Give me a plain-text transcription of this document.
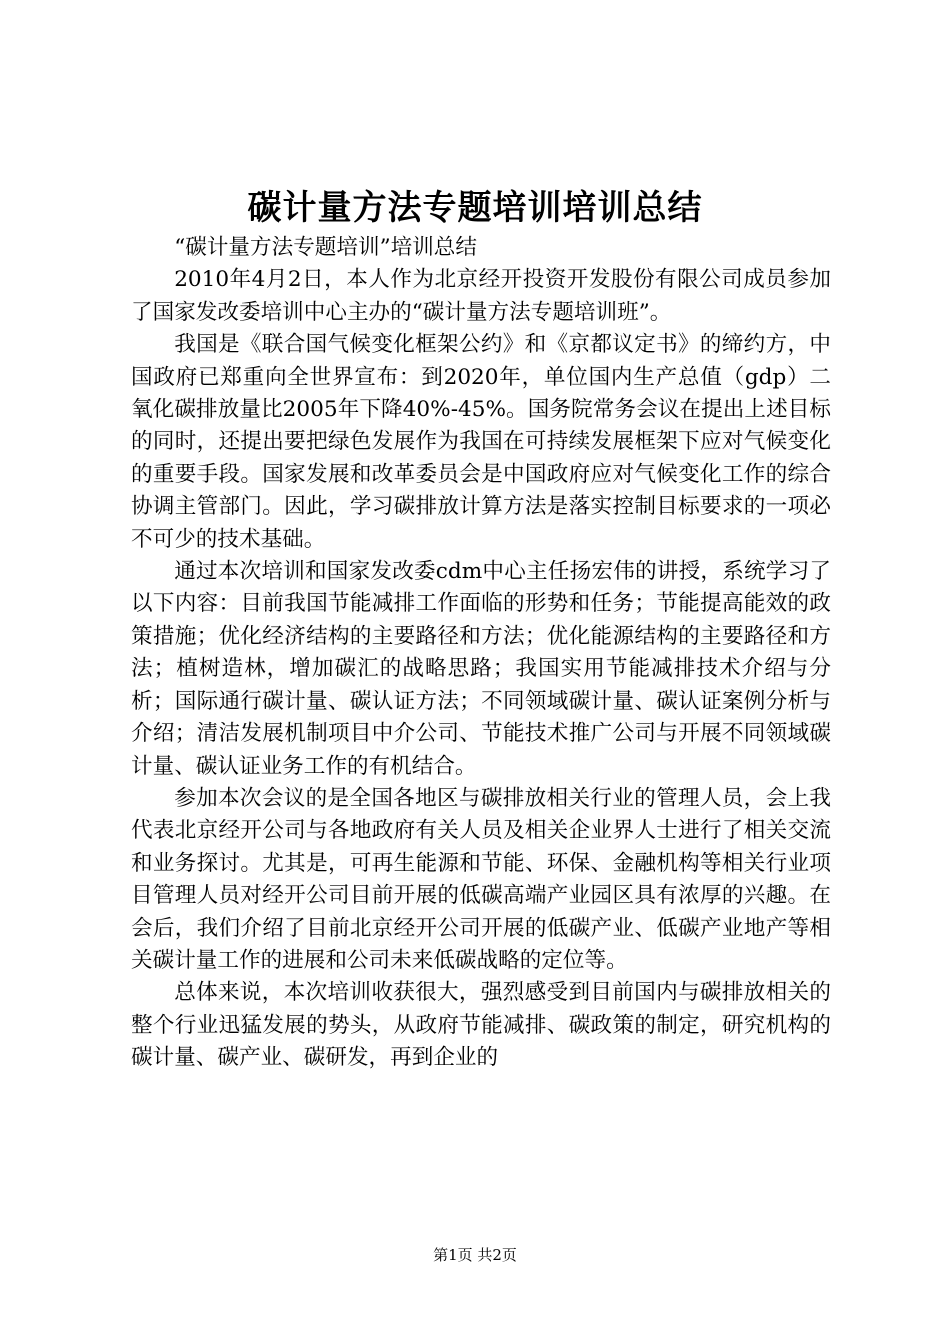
碳计量方法专题培训培训总结

“碳计量方法专题培训”培训总结

2010年4月2日，本人作为北京经开投资开发股份有限公司成员参加了国家发改委培训中心主办的“碳计量方法专题培训班”。

我国是《联合国气候变化框架公约》和《京都议定书》的缔约方，中国政府已郑重向全世界宣布：到2020年，单位国内生产总值（gdp）二氧化碳排放量比2005年下降40%-45%。国务院常务会议在提出上述目标的同时，还提出要把绿色发展作为我国在可持续发展框架下应对气候变化的重要手段。国家发展和改革委员会是中国政府应对气候变化工作的综合协调主管部门。因此，学习碳排放计算方法是落实控制目标要求的一项必不可少的技术基础。

通过本次培训和国家发改委cdm中心主任扬宏伟的讲授，系统学习了以下内容：目前我国节能减排工作面临的形势和任务；节能提高能效的政策措施；优化经济结构的主要路径和方法；优化能源结构的主要路径和方法；植树造林，增加碳汇的战略思路；我国实用节能减排技术介绍与分析；国际通行碳计量、碳认证方法；不同领域碳计量、碳认证案例分析与介绍；清洁发展机制项目中介公司、节能技术推广公司与开展不同领域碳计量、碳认证业务工作的有机结合。

参加本次会议的是全国各地区与碳排放相关行业的管理人员，会上我代表北京经开公司与各地政府有关人员及相关企业界人士进行了相关交流和业务探讨。尤其是，可再生能源和节能、环保、金融机构等相关行业项目管理人员对经开公司目前开展的低碳高端产业园区具有浓厚的兴趣。在会后，我们介绍了目前北京经开公司开展的低碳产业、低碳产业地产等相关碳计量工作的进展和公司未来低碳战略的定位等。

总体来说，本次培训收获很大，强烈感受到目前国内与碳排放相关的整个行业迅猛发展的势头，从政府节能减排、碳政策的制定，研究机构的碳计量、碳产业、碳研发，再到企业的

第1页 共2页
